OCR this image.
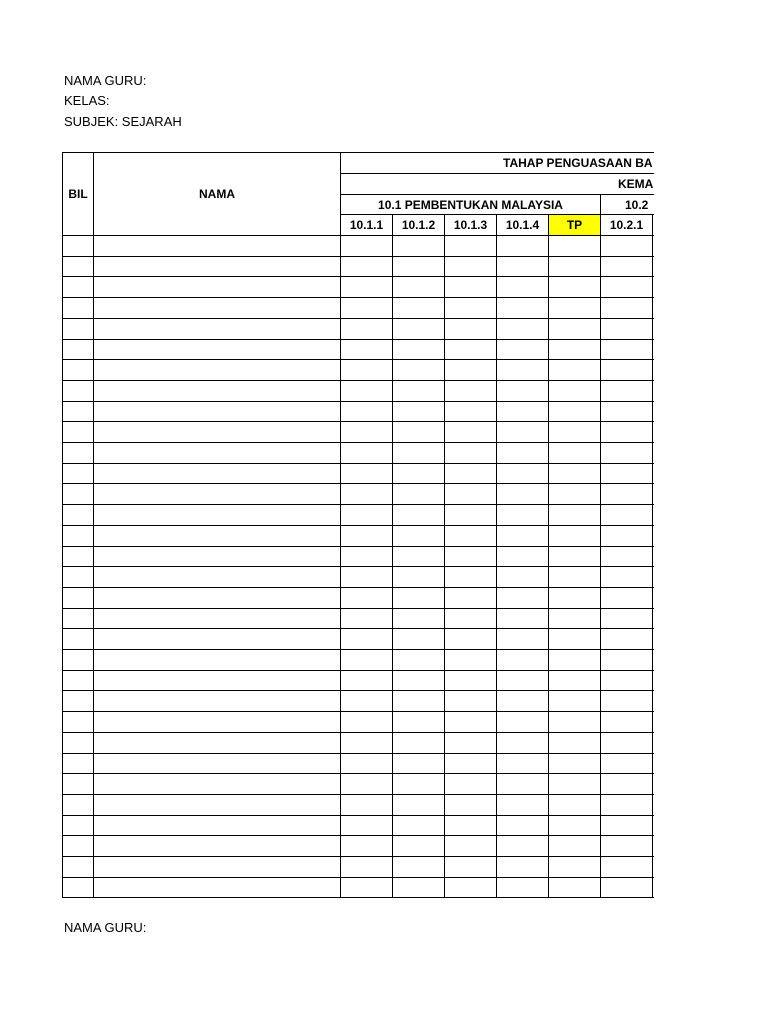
NAMA GURU:
KELAS:
SUBJEK: SEJARAH
BIL	NAMA
TAHAP PENGUASAAN BA
KEMA
10.1 PEMBENTUKAN MALAYSIA	10.2
10.1.1	10.1.2	10.1.3	10.1.4	TP	10.2.1
NAMA GURU:
